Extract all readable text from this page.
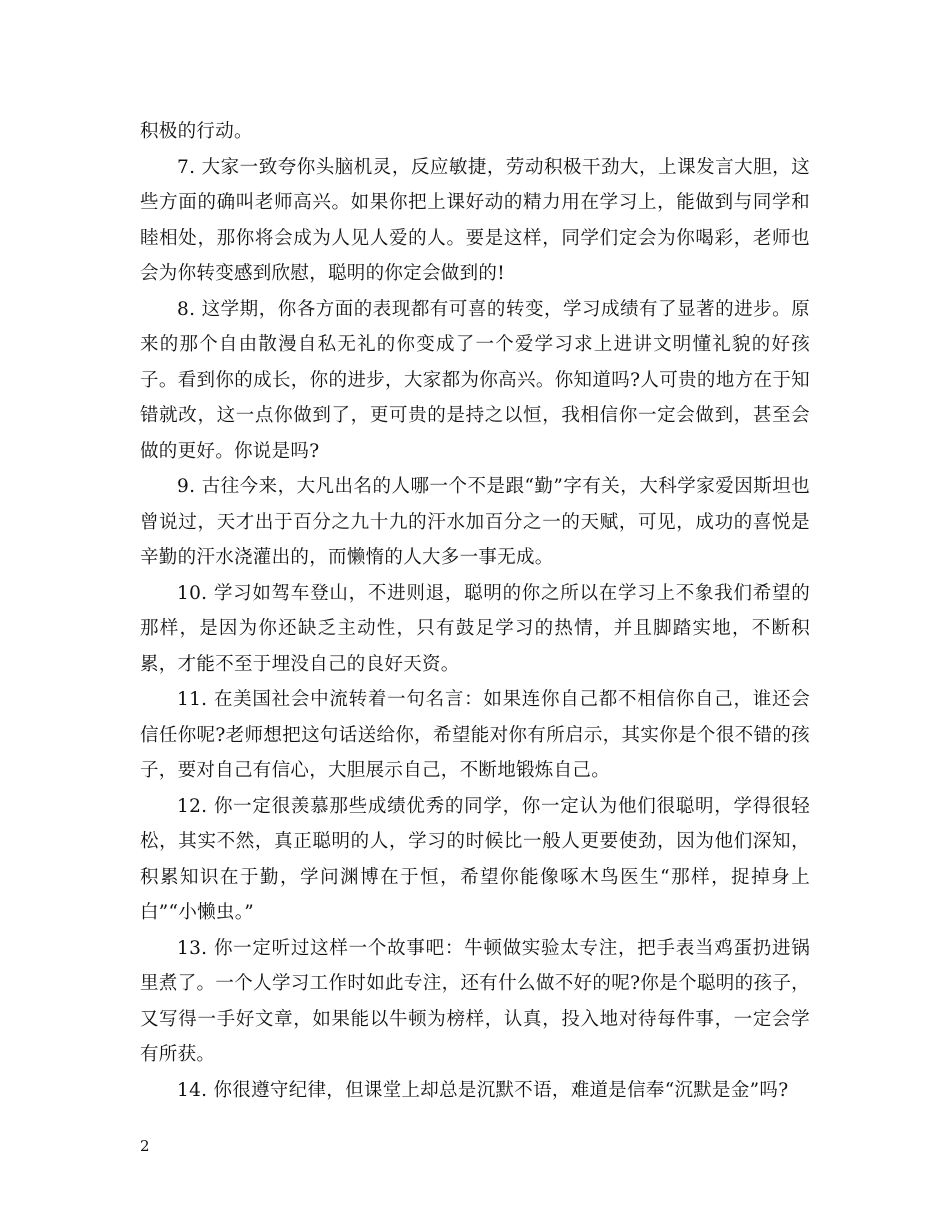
积极的行动。

7. 大家一致夸你头脑机灵，反应敏捷，劳动积极干劲大，上课发言大胆，这些方面的确叫老师高兴。如果你把上课好动的精力用在学习上，能做到与同学和睦相处，那你将会成为人见人爱的人。要是这样，同学们定会为你喝彩，老师也会为你转变感到欣慰，聪明的你定会做到的!

8. 这学期，你各方面的表现都有可喜的转变，学习成绩有了显著的进步。原来的那个自由散漫自私无礼的你变成了一个爱学习求上进讲文明懂礼貌的好孩子。看到你的成长，你的进步，大家都为你高兴。你知道吗?人可贵的地方在于知错就改，这一点你做到了，更可贵的是持之以恒，我相信你一定会做到，甚至会做的更好。你说是吗?

9. 古往今来，大凡出名的人哪一个不是跟“勤”字有关，大科学家爱因斯坦也曾说过，天才出于百分之九十九的汗水加百分之一的天赋，可见，成功的喜悦是辛勤的汗水浇灌出的，而懒惰的人大多一事无成。

10. 学习如驾车登山，不进则退，聪明的你之所以在学习上不象我们希望的那样，是因为你还缺乏主动性，只有鼓足学习的热情，并且脚踏实地，不断积累，才能不至于埋没自己的良好天资。

11. 在美国社会中流转着一句名言：如果连你自己都不相信你自己，谁还会信任你呢?老师想把这句话送给你，希望能对你有所启示，其实你是个很不错的孩子，要对自己有信心，大胆展示自己，不断地锻炼自己。

12. 你一定很羡慕那些成绩优秀的同学，你一定认为他们很聪明，学得很轻松，其实不然，真正聪明的人，学习的时候比一般人更要使劲，因为他们深知，积累知识在于勤，学问渊博在于恒，希望你能像啄木鸟医生“那样，捉掉身上白”“小懒虫。”

13. 你一定听过这样一个故事吧：牛顿做实验太专注，把手表当鸡蛋扔进锅里煮了。一个人学习工作时如此专注，还有什么做不好的呢?你是个聪明的孩子，又写得一手好文章，如果能以牛顿为榜样，认真，投入地对待每件事，一定会学有所获。

14. 你很遵守纪律，但课堂上却总是沉默不语，难道是信奉“沉默是金”吗?

2
